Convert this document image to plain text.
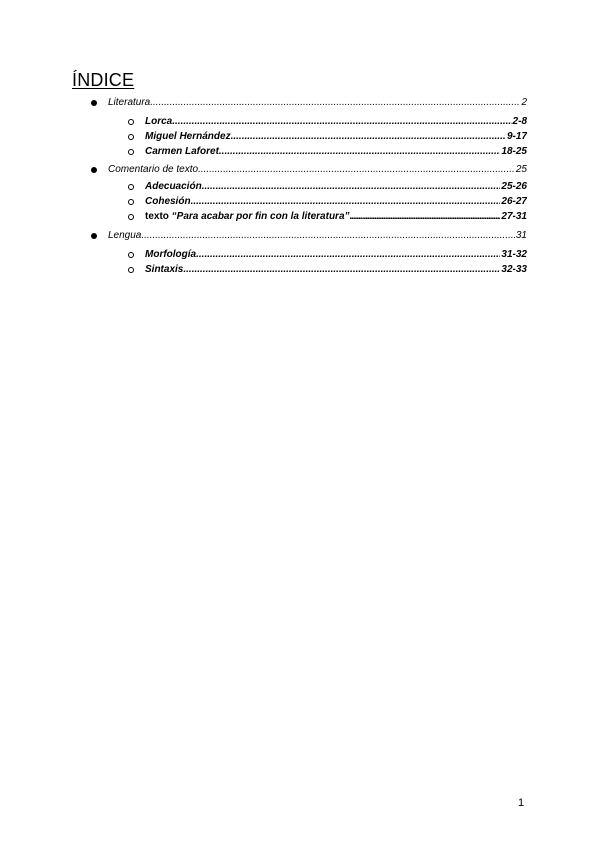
ÍNDICE
Literatura .....	2
Lorca .....	2-8
Miguel Hernández .....	9-17
Carmen Laforet .....	18-25
Comentario de texto .....	25
Adecuación .....	25-26
Cohesión .....	26-27
texto “Para acabar por fin con la literatura” .....	27-31
Lengua .....	31
Morfología .....	31-32
Sintaxis .....	32-33
1
